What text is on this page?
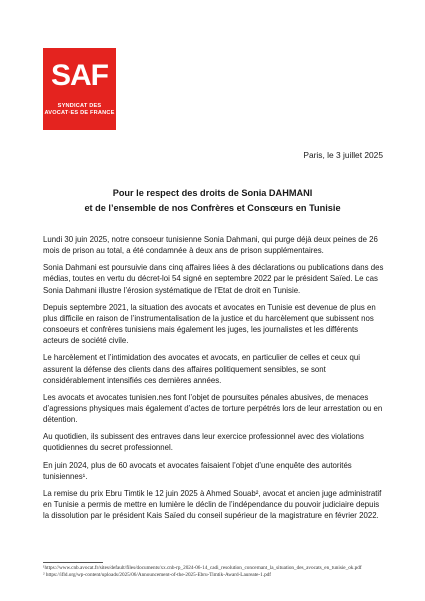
SAF
SYNDICAT DES
AVOCAT·ES DE FRANCE
Paris, le 3 juillet 2025
Pour le respect des droits de Sonia DAHMANI
et de l’ensemble de nos Confrères et Consœurs en Tunisie

Lundi 30 juin 2025, notre consoeur tunisienne Sonia Dahmani, qui purge déjà deux peines de 26 mois de prison au total, a été condamnée à deux ans de prison supplémentaires.

Sonia Dahmani est poursuivie dans cinq affaires liées à des déclarations ou publications dans des médias, toutes en vertu du décret-loi 54 signé en septembre 2022 par le président Saïed. Le cas Sonia Dahmani illustre l’érosion systématique de l’Etat de droit en Tunisie.

Depuis septembre 2021, la situation des avocats et avocates en Tunisie est devenue de plus en plus difficile en raison de l’instrumentalisation de la justice et du harcèlement que subissent nos consoeurs et confrères tunisiens mais également les juges, les journalistes et les différents acteurs de société civile.

Le harcèlement et l’intimidation des avocates et avocats, en particulier de celles et ceux qui assurent la défense des clients dans des affaires politiquement sensibles, se sont considérablement intensifiés ces dernières années.

Les avocats et avocates tunisien.nes font l’objet de poursuites pénales abusives, de menaces d’agressions physiques mais également d’actes de torture perpétrés lors de leur arrestation ou en détention.

Au quotidien, ils subissent des entraves dans leur exercice professionnel avec des violations quotidiennes du secret professionnel.

En juin 2024, plus de 60 avocats et avocates faisaient l’objet d’une enquête des autorités tunisiennes¹.

La remise du prix Ebru Timtik le 12 juin 2025 à Ahmed Souab², avocat et ancien juge administratif en Tunisie a permis de mettre en lumière le déclin de l’indépendance du pouvoir judiciaire depuis la dissolution par le président Kais Saïed du conseil supérieur de la magistrature en février 2022.

¹https://www.cnb.avocat.fr/sites/default/files/documents/xx.cnb-rp_2024-06-14_cadi_resolution_concernant_la_situation_des_avocats_en_tunisie_ok.pdf

² https://ifld.org/wp-content/uploads/2025/06/Announcement-of-the-2025-Ebru-Timtik-Award-Laureate-1.pdf
